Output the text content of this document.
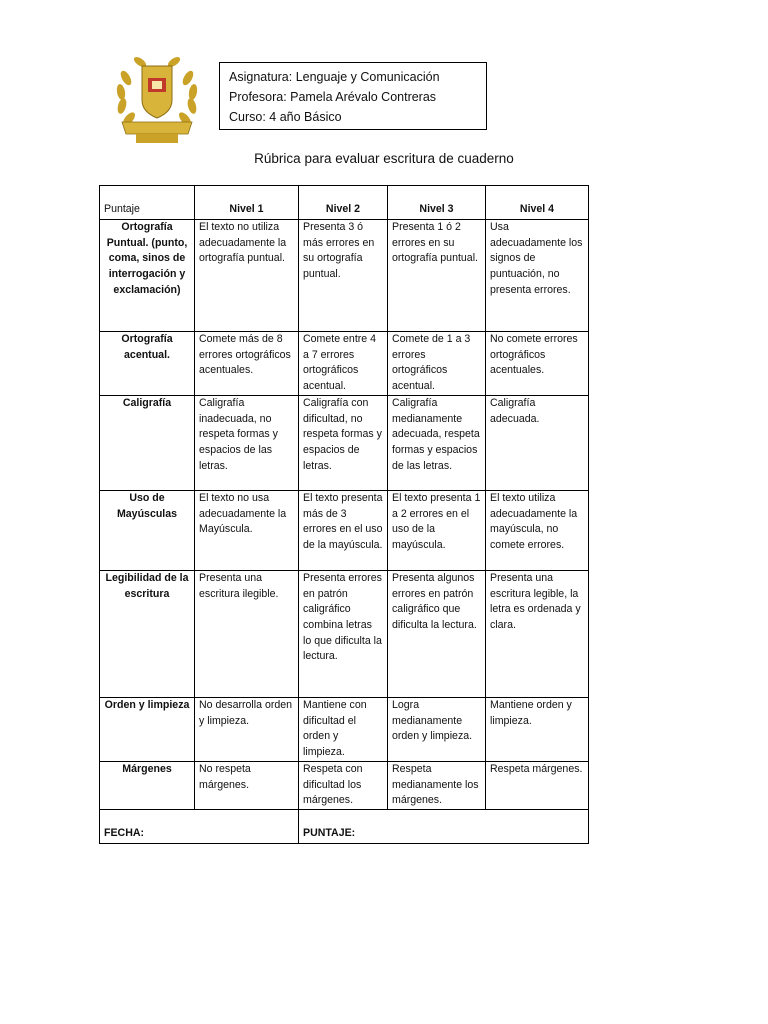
Asignatura: Lenguaje y Comunicación
Profesora: Pamela Arévalo Contreras
Curso: 4 año Básico
Rúbrica para evaluar escritura de cuaderno
Puntaje	Nivel 1	Nivel 2	Nivel 3	Nivel 4
Ortografía Puntual. (punto, coma, sinos de interrogación y exclamación)	El texto no utiliza adecuadamente la ortografía puntual.	Presenta 3 ó más errores en su ortografía puntual.	Presenta 1 ó 2 errores en su ortografía puntual.	Usa adecuadamente los signos de puntuación, no presenta errores.
Ortografía acentual.	Comete más de 8 errores ortográficos acentuales.	Comete entre 4 a 7 errores ortográficos acentual.	Comete de 1 a 3 errores ortográficos acentual.	No comete errores ortográficos acentuales.
Caligrafía	Caligrafía inadecuada, no respeta formas y espacios de las letras.	Caligrafía con dificultad, no respeta formas y espacios de letras.	Caligrafía medianamente adecuada, respeta formas y espacios de las letras.	Caligrafía adecuada.
Uso de Mayúsculas	El texto no usa adecuadamente la Mayúscula.	El texto presenta más de 3 errores en el uso de la mayúscula.	El texto presenta 1 a 2 errores en el uso de la mayúscula.	El texto utiliza adecuadamente la mayúscula, no comete errores.
Legibilidad de la escritura	Presenta una escritura ilegible.	Presenta errores en patrón caligráfico combina letras lo que dificulta la lectura.	Presenta algunos errores en patrón caligráfico que dificulta la lectura.	Presenta una escritura legible, la letra es ordenada y clara.
Orden y limpieza	No desarrolla orden y limpieza.	Mantiene con dificultad el orden y limpieza.	Logra medianamente orden y limpieza.	Mantiene orden y limpieza.
Márgenes	No respeta márgenes.	Respeta con dificultad los márgenes.	Respeta medianamente los márgenes.	Respeta márgenes.
FECHA:		PUNTAJE:		
